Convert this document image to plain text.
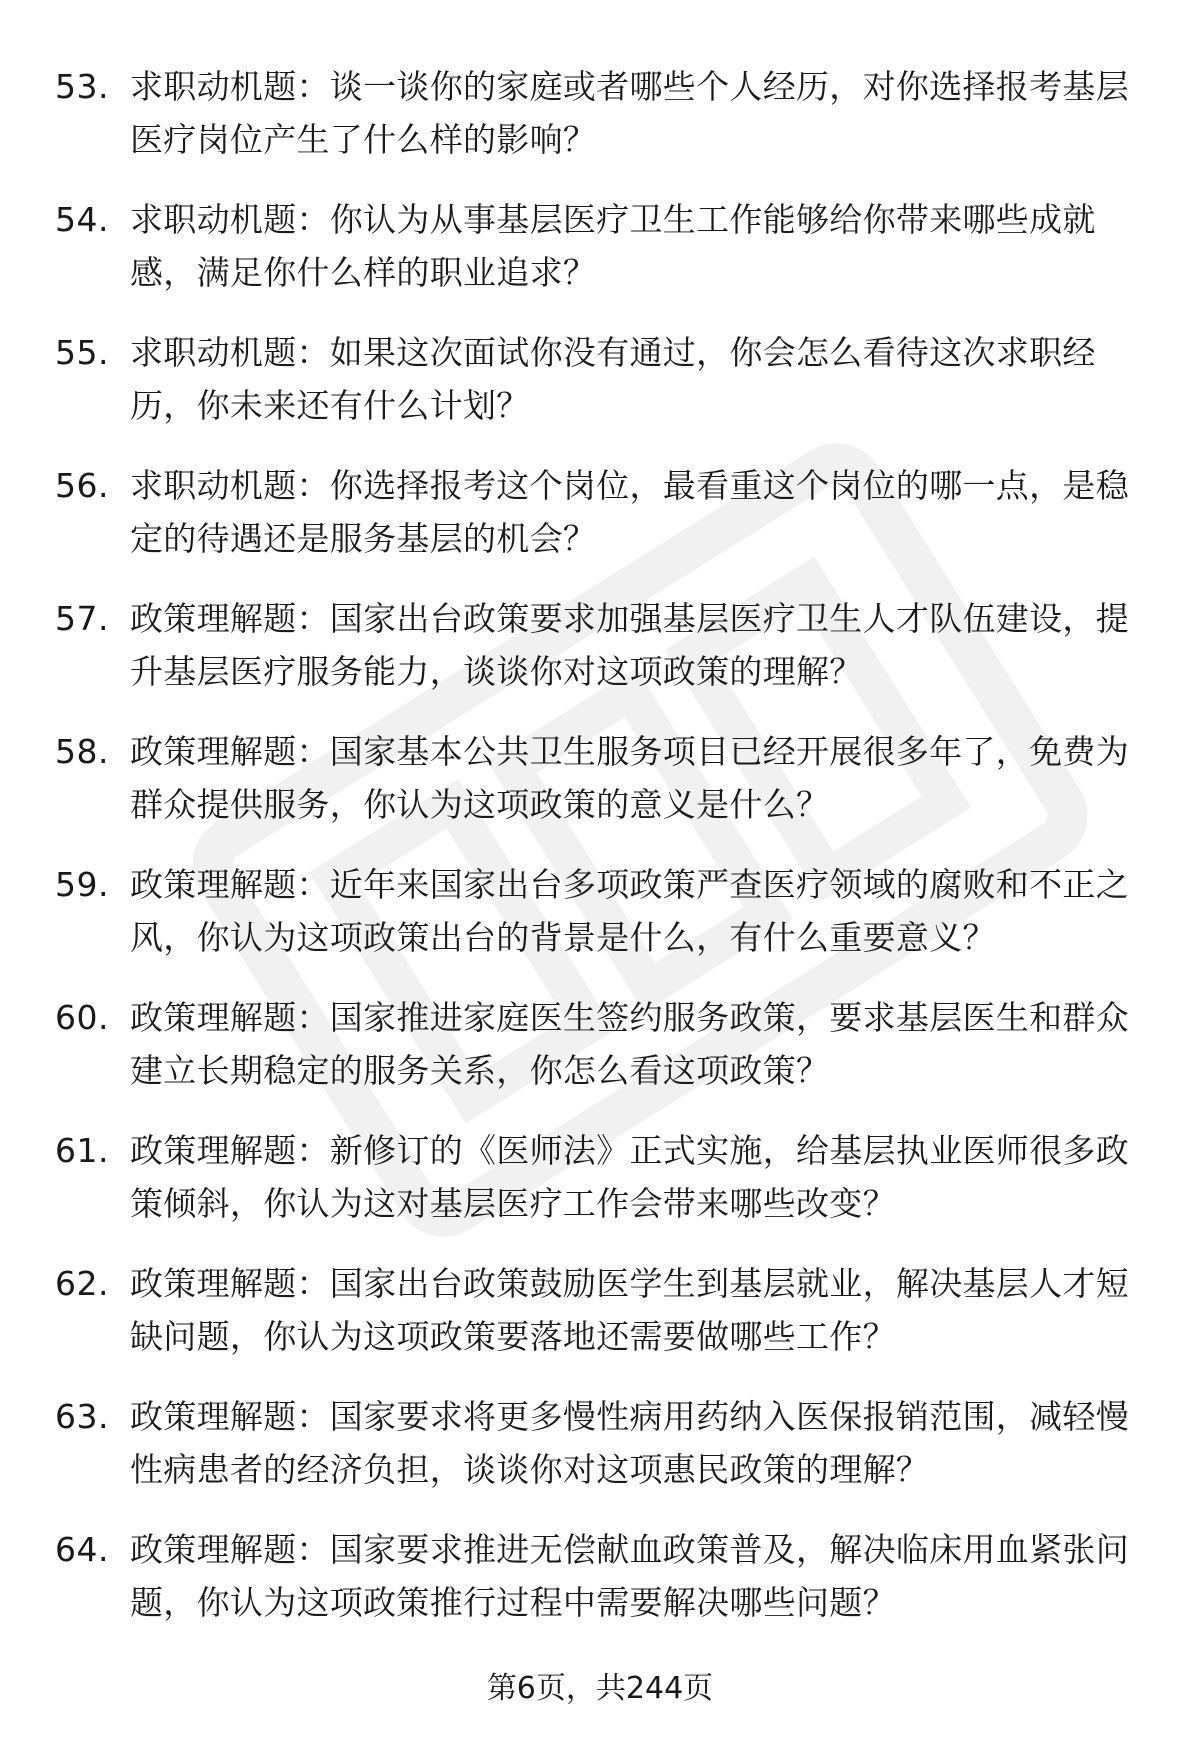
53. 求职动机题：谈一谈你的家庭或者哪些个人经历，对你选择报考基层医疗岗位产生了什么样的影响？
54. 求职动机题：你认为从事基层医疗卫生工作能够给你带来哪些成就感，满足你什么样的职业追求？
55. 求职动机题：如果这次面试你没有通过，你会怎么看待这次求职经历，你未来还有什么计划？
56. 求职动机题：你选择报考这个岗位，最看重这个岗位的哪一点，是稳定的待遇还是服务基层的机会？
57. 政策理解题：国家出台政策要求加强基层医疗卫生人才队伍建设，提升基层医疗服务能力，谈谈你对这项政策的理解？
58. 政策理解题：国家基本公共卫生服务项目已经开展很多年了，免费为群众提供服务，你认为这项政策的意义是什么？
59. 政策理解题：近年来国家出台多项政策严查医疗领域的腐败和不正之风，你认为这项政策出台的背景是什么，有什么重要意义？
60. 政策理解题：国家推进家庭医生签约服务政策，要求基层医生和群众建立长期稳定的服务关系，你怎么看这项政策？
61. 政策理解题：新修订的《医师法》正式实施，给基层执业医师很多政策倾斜，你认为这对基层医疗工作会带来哪些改变？
62. 政策理解题：国家出台政策鼓励医学生到基层就业，解决基层人才短缺问题，你认为这项政策要落地还需要做哪些工作？
63. 政策理解题：国家要求将更多慢性病用药纳入医保报销范围，减轻慢性病患者的经济负担，谈谈你对这项惠民政策的理解？
64. 政策理解题：国家要求推进无偿献血政策普及，解决临床用血紧张问题，你认为这项政策推行过程中需要解决哪些问题？
第6页，共244页
